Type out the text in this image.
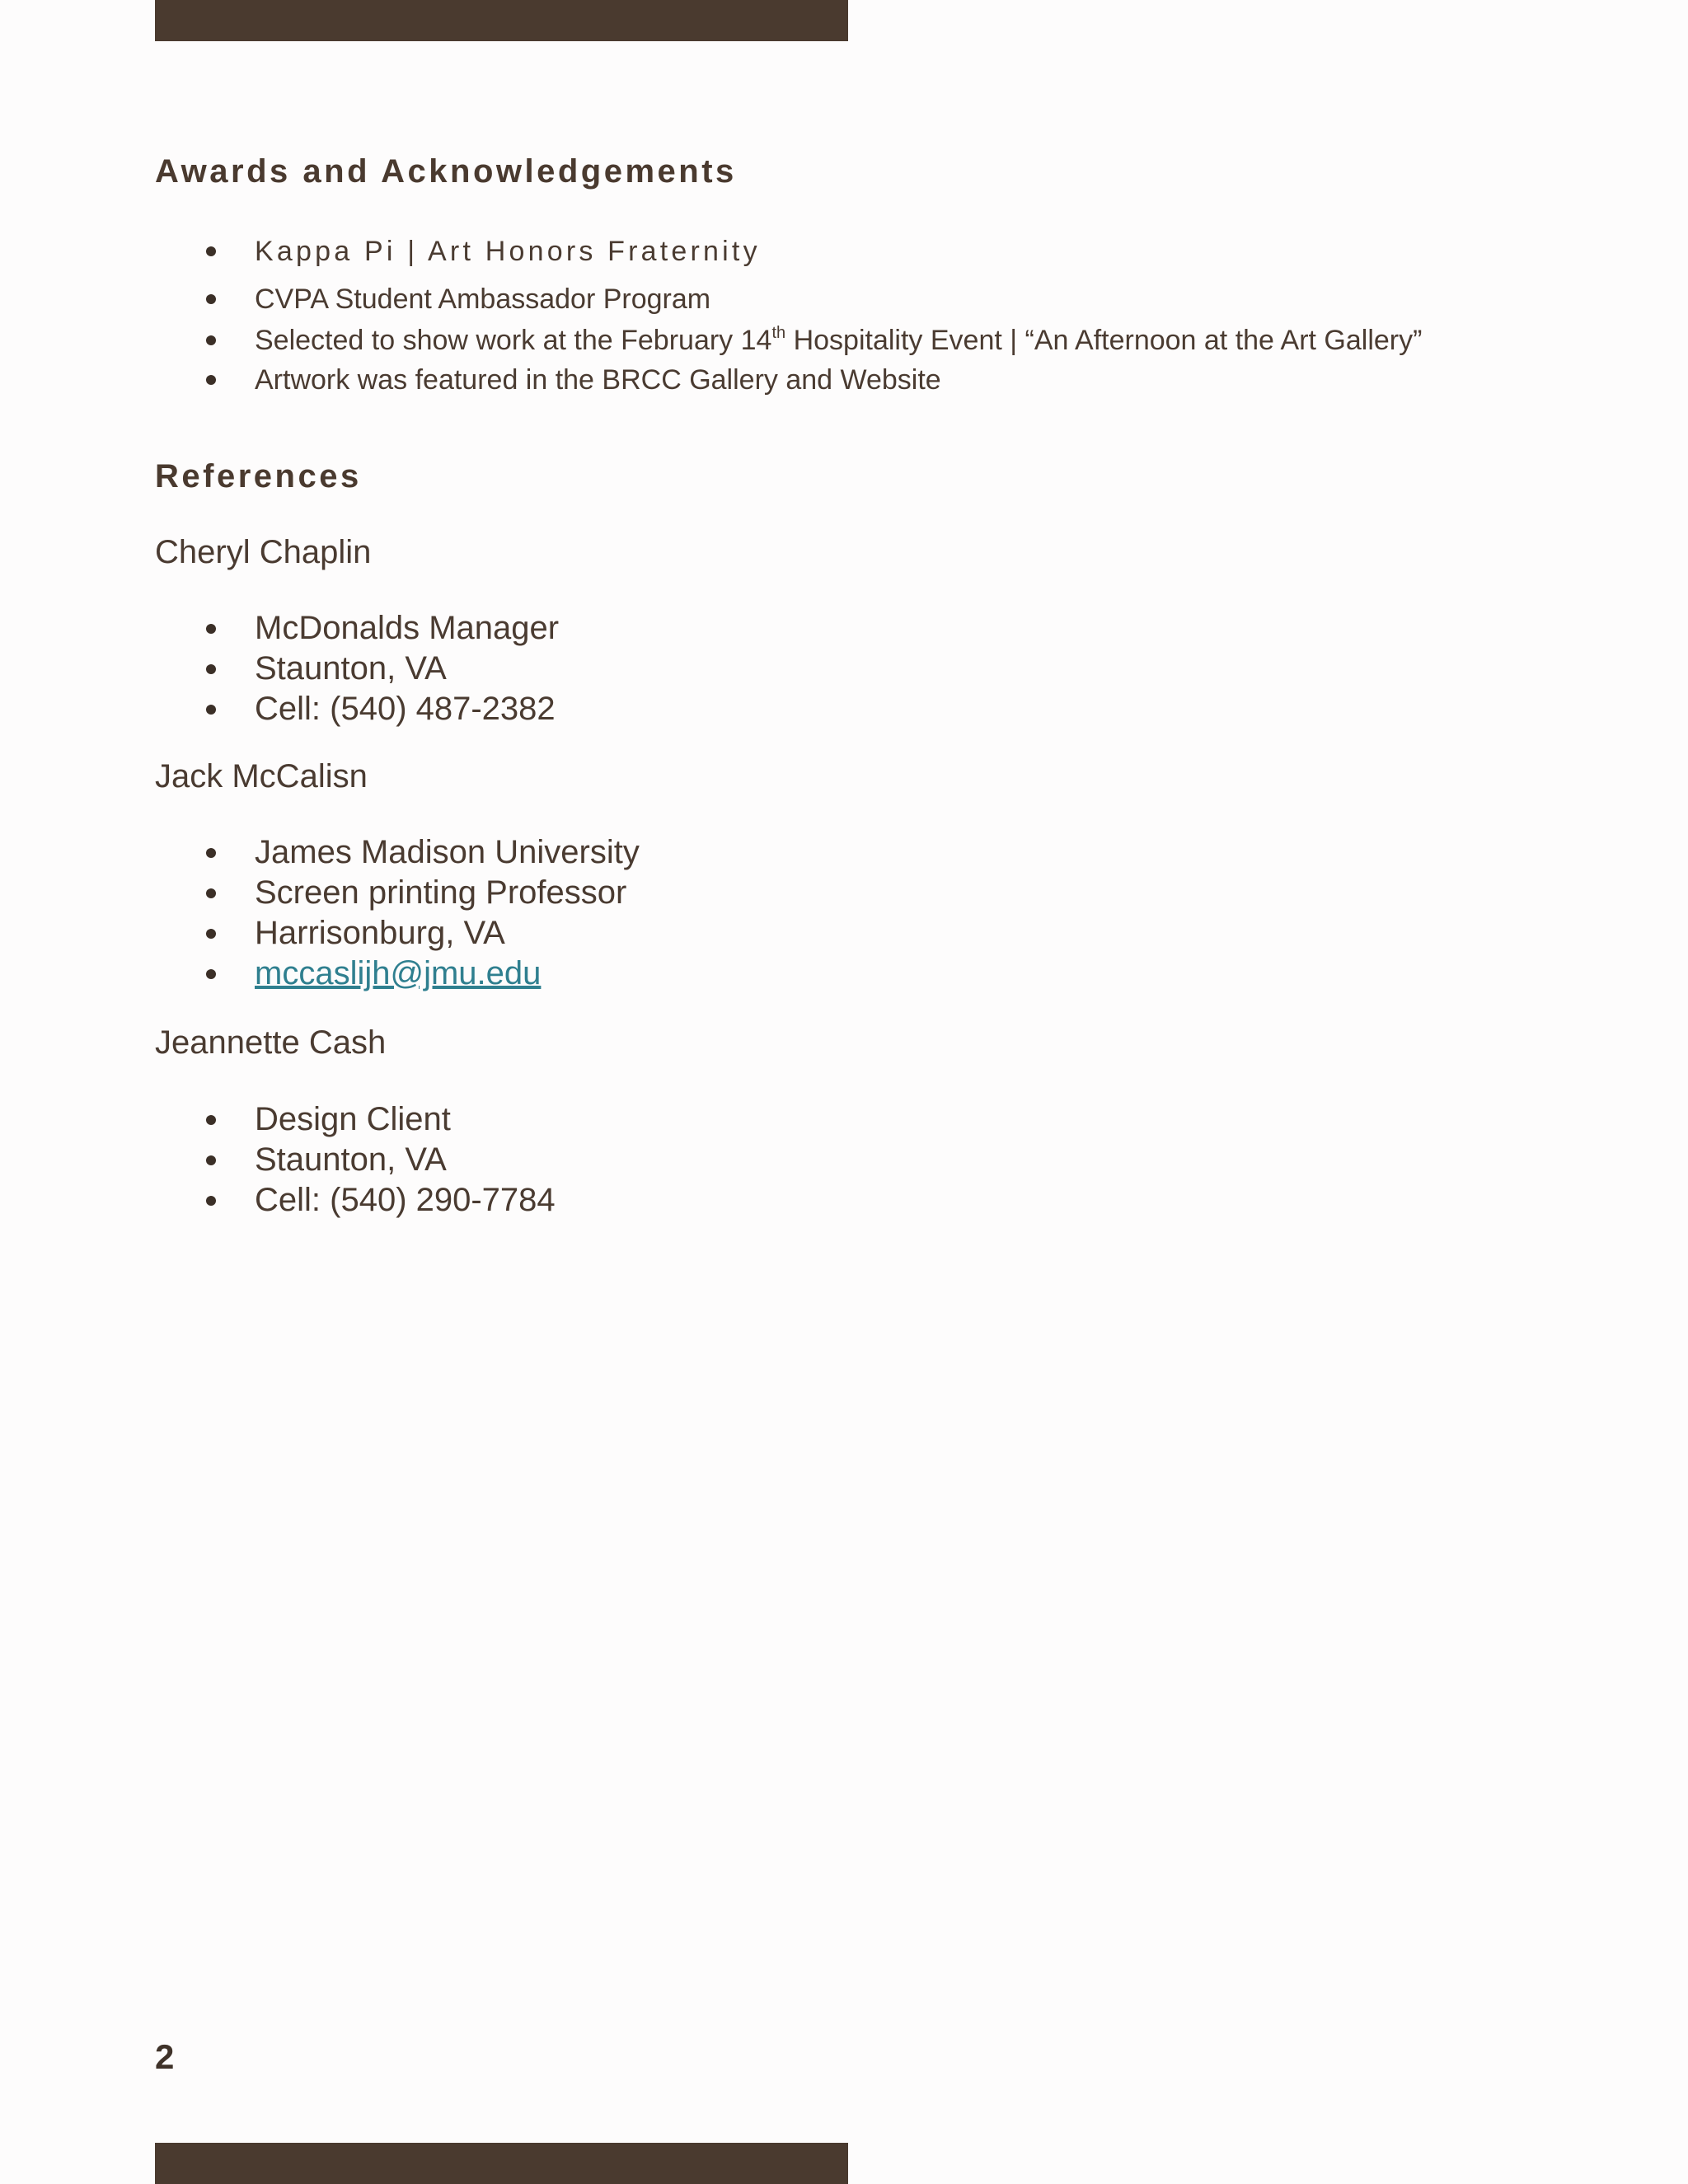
Awards and Acknowledgements
Kappa Pi | Art Honors Fraternity
CVPA Student Ambassador Program
Selected to show work at the February 14th Hospitality Event | “An Afternoon at the Art Gallery”
Artwork was featured in the BRCC Gallery and Website
References

Cheryl Chaplin

McDonalds Manager
Staunton, VA
Cell: (540) 487-2382

Jack McCalisn

James Madison University
Screen printing Professor
Harrisonburg, VA
mccaslijh@jmu.edu

Jeannette Cash

Design Client
Staunton, VA
Cell: (540) 290-7784
2
